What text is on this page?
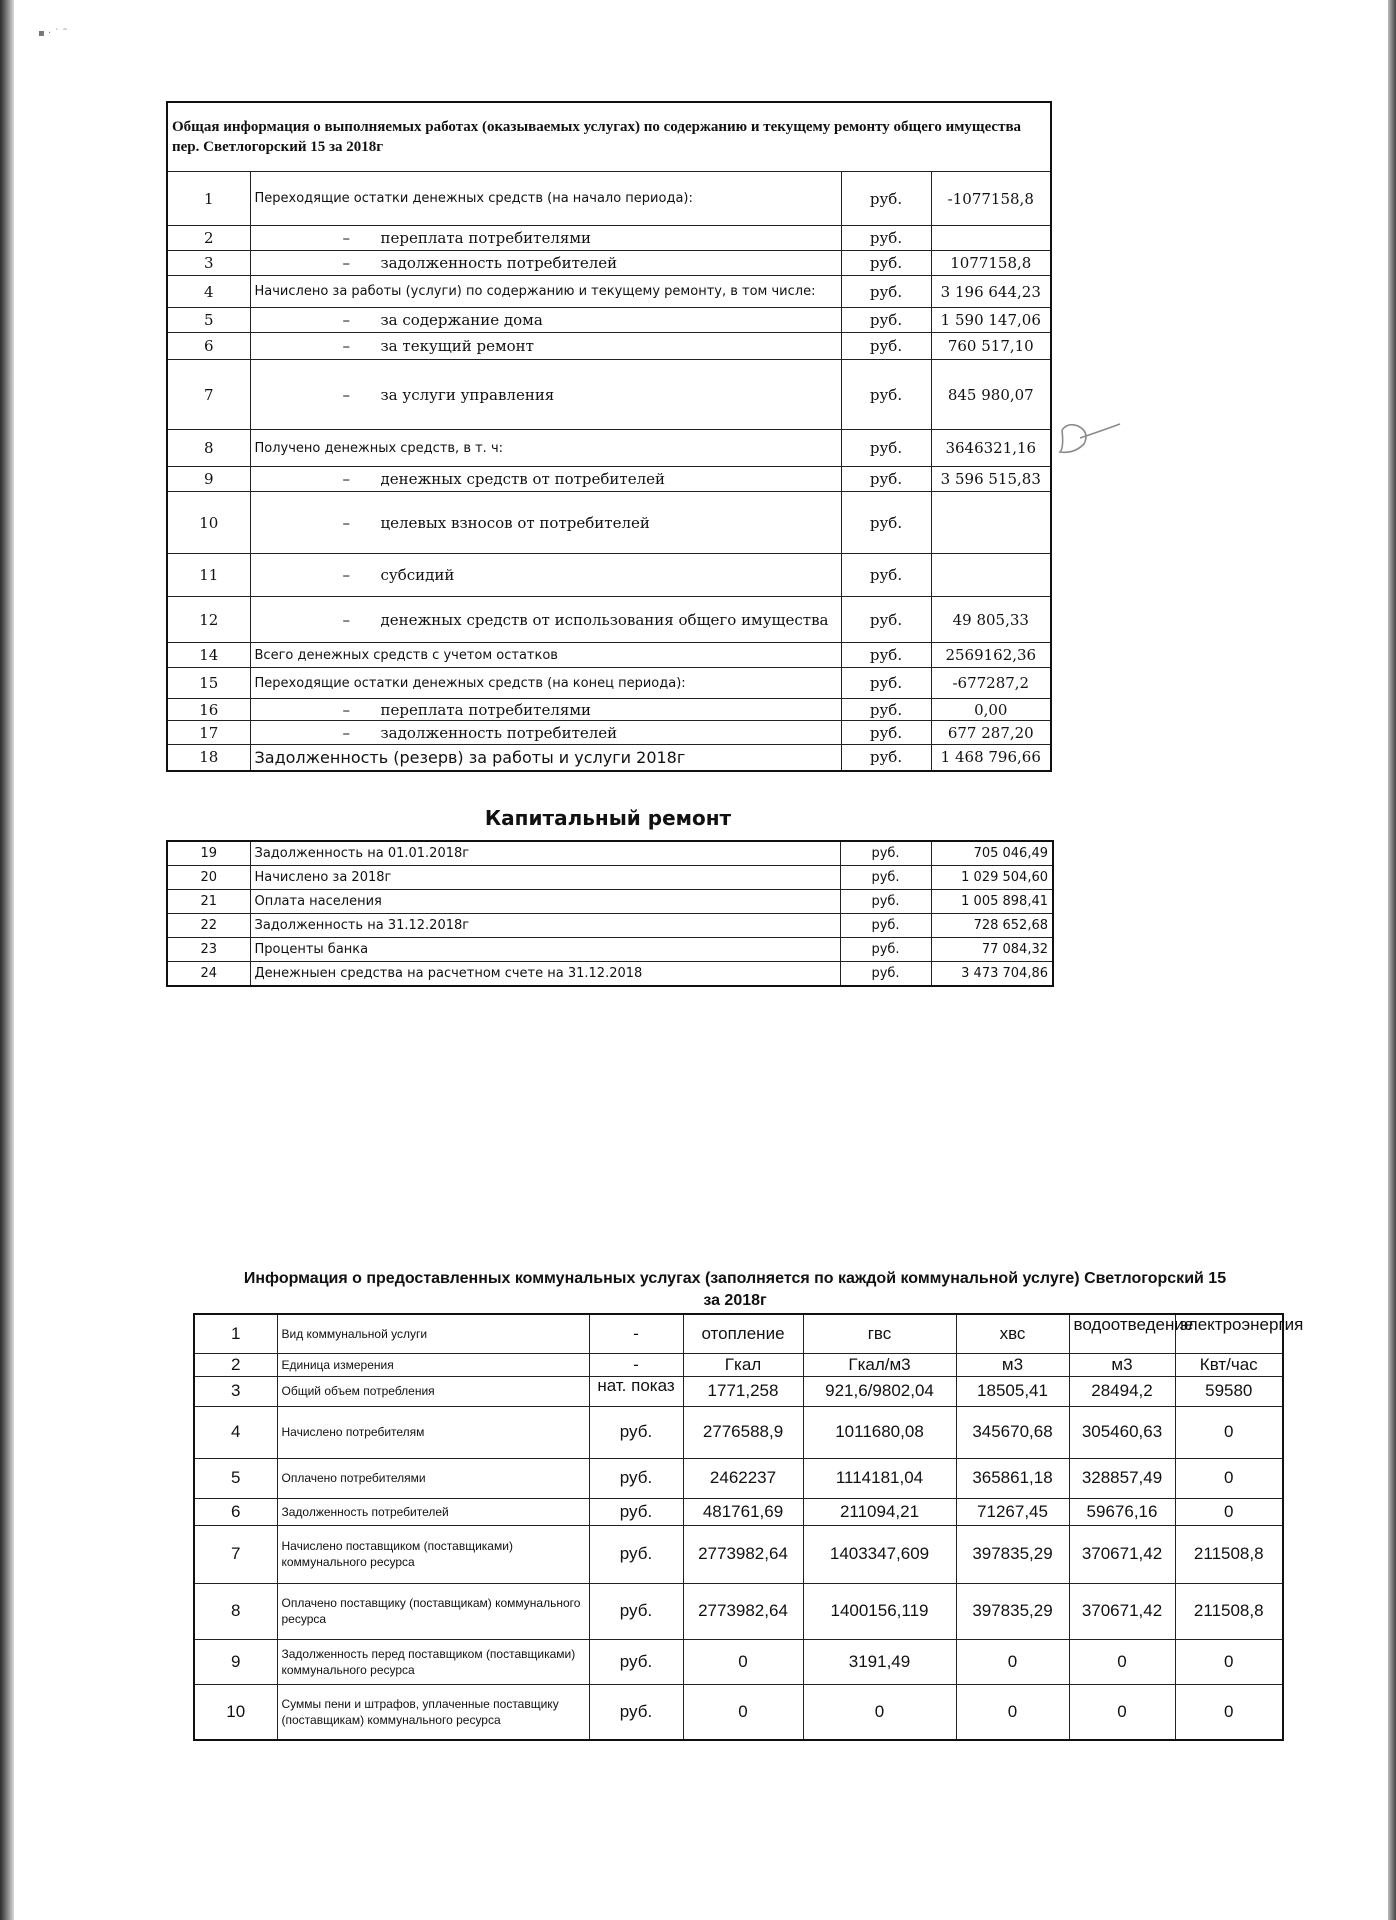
▪ · ˙ ˜
Общая информация о выполняемых работах (оказываемых услугах) по содержанию и текущему ремонту общего имущества пер. Светлогорский 15 за 2018г			
1	Переходящие остатки денежных средств (на начало периода):	руб.	-1077158,8
2	– переплата потребителями	руб.	
3	– задолженность потребителей	руб.	1077158,8
4	Начислено за работы (услуги) по содержанию и текущему ремонту, в том числе:	руб.	3 196 644,23
5	– за содержание дома	руб.	1 590 147,06
6	– за текущий ремонт	руб.	760 517,10
7	– за услуги управления	руб.	845 980,07
8	Получено денежных средств, в т. ч:	руб.	3646321,16
9	– денежных средств от потребителей	руб.	3 596 515,83
10	– целевых взносов от потребителей	руб.	
11	– субсидий	руб.	
12	– денежных средств от использования общего имущества	руб.	49 805,33
14	Всего денежных средств с учетом остатков	руб.	2569162,36
15	Переходящие остатки денежных средств (на конец периода):	руб.	-677287,2
16	– переплата потребителями	руб.	0,00
17	– задолженность потребителей	руб.	677 287,20
18	Задолженность (резерв) за работы и услуги 2018г	руб.	1 468 796,66
Капитальный ремонт
19	Задолженность на 01.01.2018г	руб.	705 046,49
20	Начислено за 2018г	руб.	1 029 504,60
21	Оплата населения	руб.	1 005 898,41
22	Задолженность на 31.12.2018г	руб.	728 652,68
23	Проценты банка	руб.	77 084,32
24	Денежныен средства на расчетном счете на 31.12.2018	руб.	3 473 704,86
Информация о предоставленных коммунальных услугах (заполняется по каждой коммунальной услуге) Светлогорский 15
за 2018г
1	Вид коммунальной услуги	-	отопление	гвс	хвс	водоотведение	электроэнергия
2	Единица измерения	-	Гкал	Гкал/м3	м3	м3	Квт/час
3	Общий объем потребления	нат. показ	1771,258	921,6/9802,04	18505,41	28494,2	59580
4	Начислено потребителям	руб.	2776588,9	1011680,08	345670,68	305460,63	0
5	Оплачено потребителями	руб.	2462237	1114181,04	365861,18	328857,49	0
6	Задолженность потребителей	руб.	481761,69	211094,21	71267,45	59676,16	0
7	Начислено поставщиком (поставщиками) коммунального ресурса	руб.	2773982,64	1403347,609	397835,29	370671,42	211508,8
8	Оплачено поставщику (поставщикам) коммунального ресурса	руб.	2773982,64	1400156,119	397835,29	370671,42	211508,8
9	Задолженность перед поставщиком (поставщиками) коммунального ресурса	руб.	0	3191,49	0	0	0
10	Суммы пени и штрафов, уплаченные поставщику (поставщикам) коммунального ресурса	руб.	0	0	0	0	0
